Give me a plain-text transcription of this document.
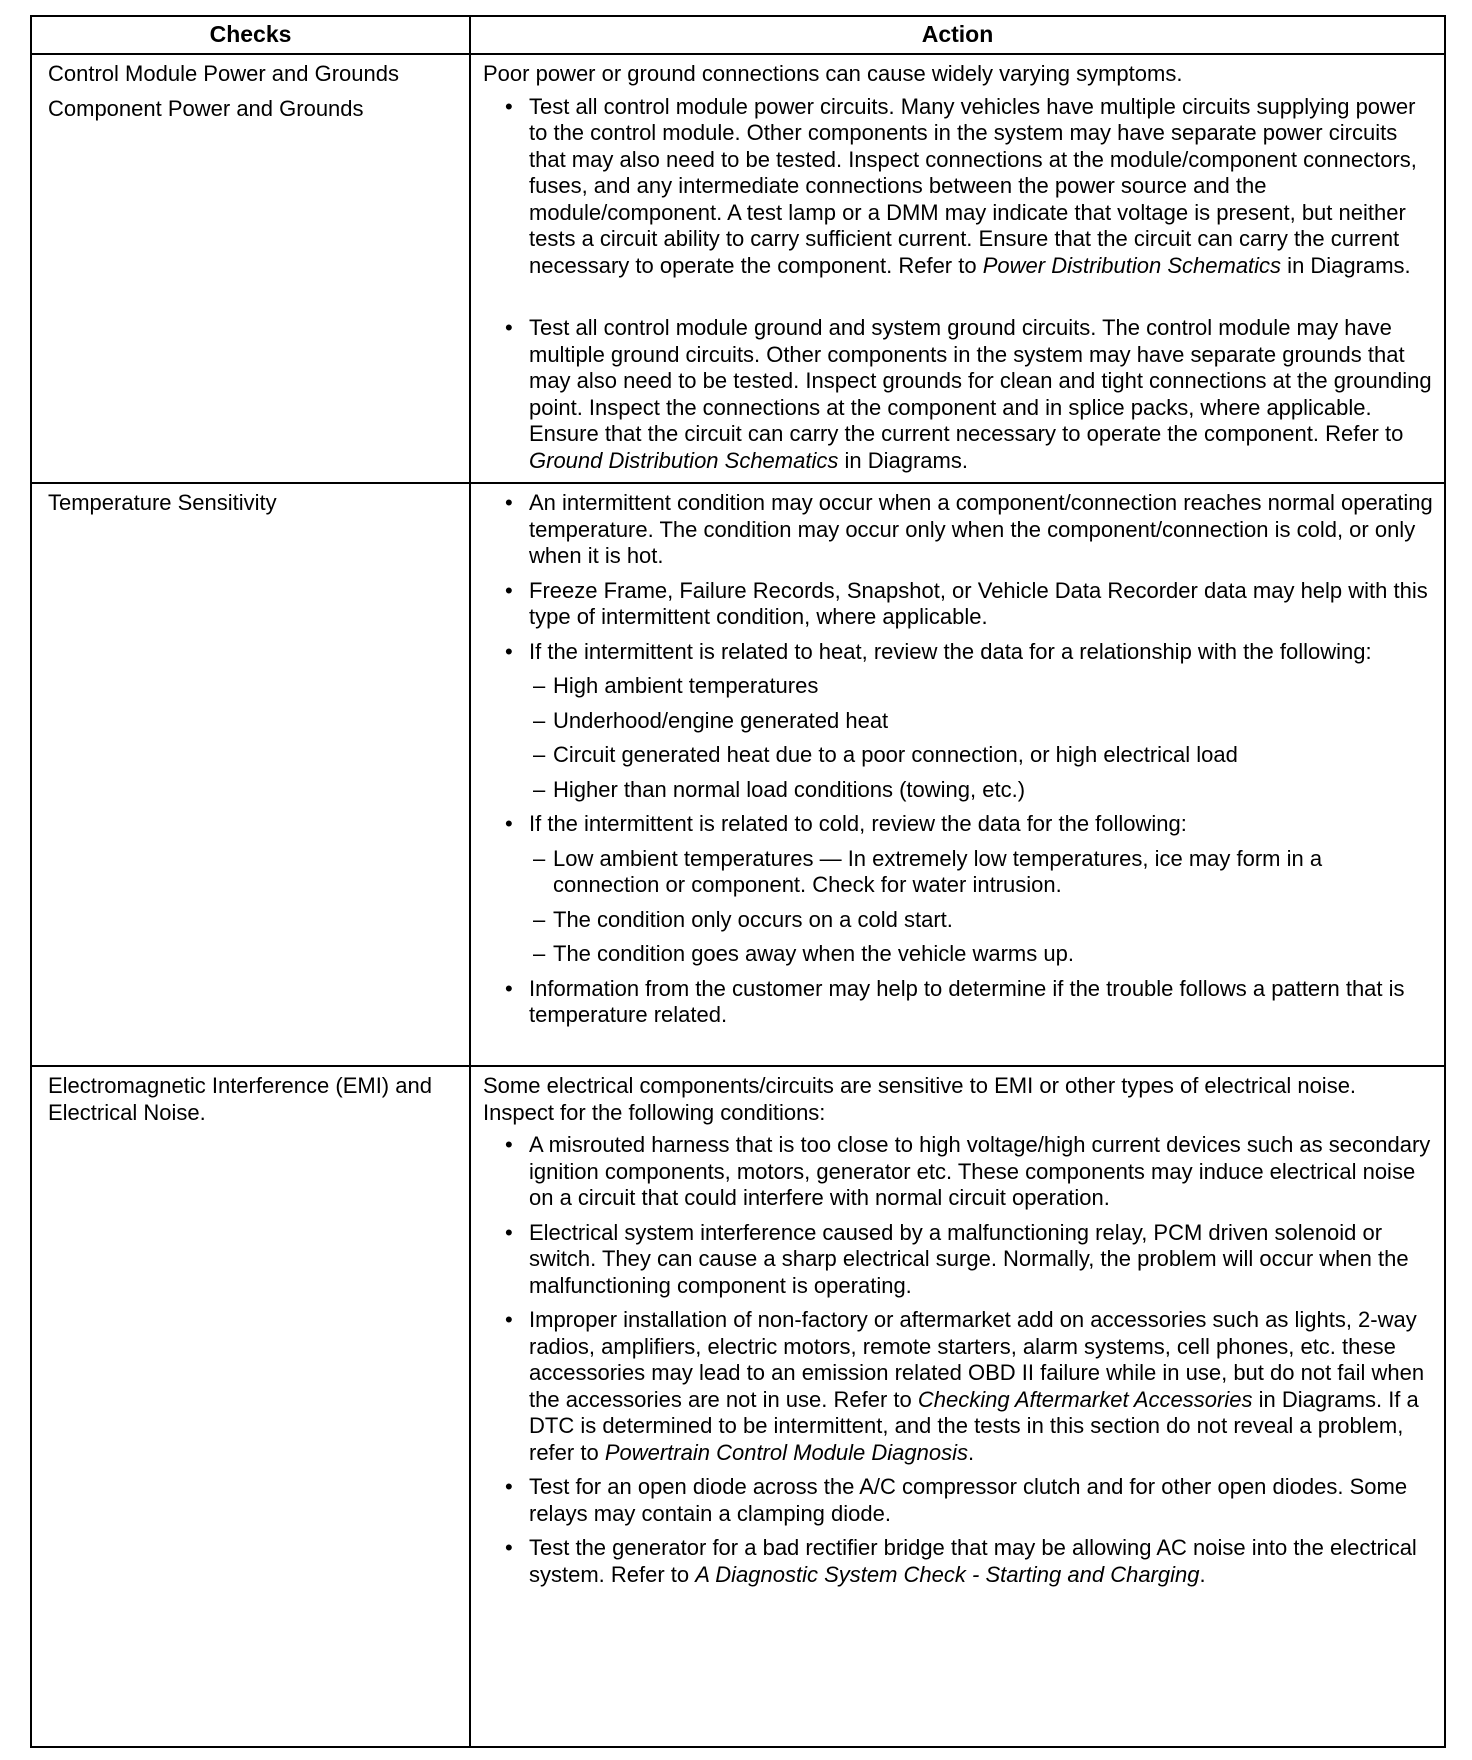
Checks	Action
Control Module Power and Grounds
Component Power and Grounds

Poor power or ground connections can cause widely varying symptoms.

• Test all control module power circuits. Many vehicles have multiple circuits supplying power to the control module. Other components in the system may have separate power circuits that may also need to be tested. Inspect connections at the module/component connectors, fuses, and any intermediate connections between the power source and the module/component. A test lamp or a DMM may indicate that voltage is present, but neither tests a circuit ability to carry sufficient current. Ensure that the circuit can carry the current necessary to operate the component. Refer to Power Distribution Schematics in Diagrams.

• Test all control module ground and system ground circuits. The control module may have multiple ground circuits. Other components in the system may have separate grounds that may also need to be tested. Inspect grounds for clean and tight connections at the grounding point. Inspect the connections at the component and in splice packs, where applicable. Ensure that the circuit can carry the current necessary to operate the component. Refer to Ground Distribution Schematics in Diagrams.

Temperature Sensitivity

•	An intermittent condition may occur when a component/connection reaches normal operating temperature. The condition may occur only when the component/connection is cold, or only when it is hot.

• Freeze Frame, Failure Records, Snapshot, or Vehicle Data Recorder data may help with this type of intermittent condition, where applicable.

• If the intermittent is related to heat, review the data for a relationship with the following:

– High ambient temperatures

– Underhood/engine generated heat

– Circuit generated heat due to a poor connection, or high electrical load

– Higher than normal load conditions (towing, etc.)

• If the intermittent is related to cold, review the data for the following:

– Low ambient temperatures — In extremely low temperatures, ice may form in a connection or component. Check for water intrusion.

– The condition only occurs on a cold start.

– The condition goes away when the vehicle warms up.

• Information from the customer may help to determine if the trouble follows a pattern that is temperature related.

Electromagnetic Interference (EMI) and Electrical Noise.

Some electrical components/circuits are sensitive to EMI or other types of electrical noise. Inspect for the following conditions:

• A misrouted harness that is too close to high voltage/high current devices such as secondary ignition components, motors, generator etc. These components may induce electrical noise on a circuit that could interfere with normal circuit operation.

• Electrical system interference caused by a malfunctioning relay, PCM driven solenoid or switch. They can cause a sharp electrical surge. Normally, the problem will occur when the malfunctioning component is operating.

• Improper installation of non-factory or aftermarket add on accessories such as lights, 2-way radios, amplifiers, electric motors, remote starters, alarm systems, cell phones, etc. these accessories may lead to an emission related OBD II failure while in use, but do not fail when the accessories are not in use. Refer to Checking Aftermarket Accessories in Diagrams. If a DTC is determined to be intermittent, and the tests in this section do not reveal a problem, refer to Powertrain Control Module Diagnosis.

• Test for an open diode across the A/C compressor clutch and for other open diodes. Some relays may contain a clamping diode.

• Test the generator for a bad rectifier bridge that may be allowing AC noise into the electrical system. Refer to A Diagnostic System Check - Starting and Charging.
